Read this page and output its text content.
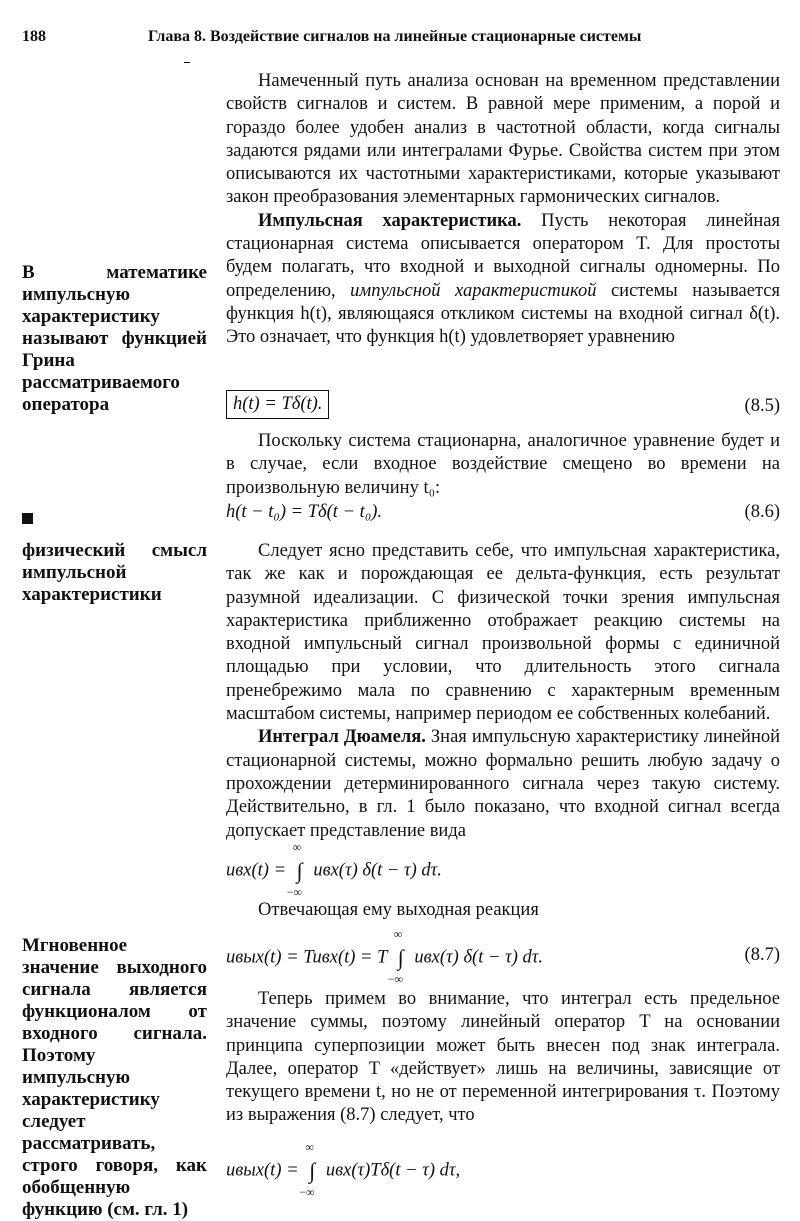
188	Глава 8. Воздействие сигналов на линейные стационарные системы
В математике импульсную характеристику называют функцией Грина рассматриваемого оператора
физический смысл импульсной характеристики
Мгновенное значение выходного сигнала является функционалом от входного сигнала. Поэтому импульсную характеристику следует рассматривать, строго говоря, как обобщенную функцию (см. гл. 1)

Намеченный путь анализа основан на временном представлении свойств сигналов и систем. В равной мере применим, а порой и гораздо более удобен анализ в частотной области, когда сигналы задаются рядами или интегралами Фурье. Свойства систем при этом описываются их частотными характеристиками, которые указывают закон преобразования элементарных гармонических сигналов.

Импульсная характеристика. Пусть некоторая линейная стационарная система описывается оператором T. Для простоты будем полагать, что входной и выходной сигналы одномерны. По определению, импульсной характеристикой системы называется функция h(t), являющаяся откликом системы на входной сигнал δ(t). Это означает, что функция h(t) удовлетворяет уравнению

h(t) = Tδ(t).	(8.5)

Поскольку система стационарна, аналогичное уравнение будет и в случае, если входное воздействие смещено во времени на произвольную величину t₀:

h(t − t₀) = Tδ(t − t₀).	(8.6)

Следует ясно представить себе, что импульсная характеристика, так же как и порождающая ее дельта-функция, есть результат разумной идеализации. С физической точки зрения импульсная характеристика приближенно отображает реакцию системы на входной импульсный сигнал произвольной формы с единичной площадью при условии, что длительность этого сигнала пренебрежимо мала по сравнению с характерным временным масштабом системы, например периодом ее собственных колебаний.

Интеграл Дюамеля. Зная импульсную характеристику линейной стационарной системы, можно формально решить любую задачу о прохождении детерминированного сигнала через такую систему. Действительно, в гл. 1 было показано, что входной сигнал всегда допускает представление вида

uвх(t) =
∞
∫
−∞
uвх(τ) δ(t − τ) dτ.
Отвечающая ему выходная реакция
uвых(t) = Tuвх(t) = T
∞
∫
−∞
uвх(τ) δ(t − τ) dτ.	(8.7)

Теперь примем во внимание, что интеграл есть предельное значение суммы, поэтому линейный оператор T на основании принципа суперпозиции может быть внесен под знак интеграла. Далее, оператор T «действует» лишь на величины, зависящие от текущего времени t, но не от переменной интегрирования τ. Поэтому из выражения (8.7) следует, что

uвых(t) =
∞
∫
−∞
uвх(τ)Tδ(t − τ) dτ,
